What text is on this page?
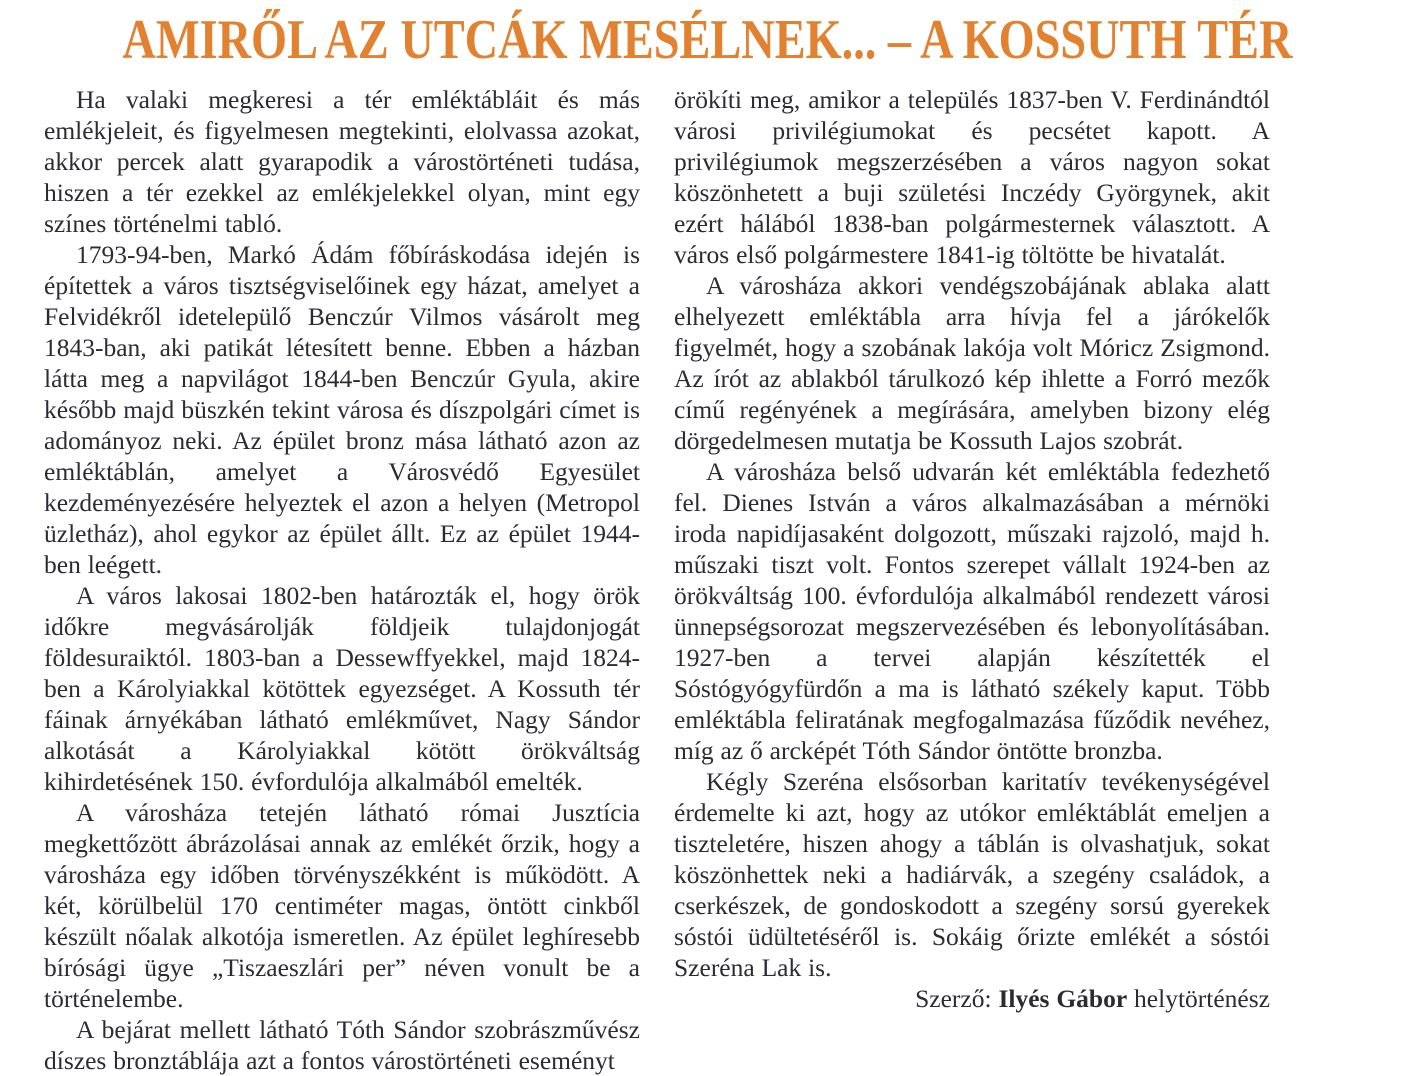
AMIRŐL AZ UTCÁK MESÉLNEK... – A KOSSUTH TÉR

Ha valaki megkeresi a tér emléktábláit és más emlékjeleit, és figyelmesen megtekinti, elolvassa azokat, akkor percek alatt gyarapodik a várostörténeti tudása, hiszen a tér ezekkel az emlékjelekkel olyan, mint egy színes történelmi tabló.

1793-94-ben, Markó Ádám főbíráskodása idején is építettek a város tisztségviselőinek egy házat, amelyet a Felvidékről idetelepülő Benczúr Vilmos vásárolt meg 1843-ban, aki patikát létesített benne. Ebben a házban látta meg a napvilágot 1844-ben Benczúr Gyula, akire később majd büszkén tekint városa és díszpolgári címet is adományoz neki. Az épület bronz mása látható azon az emléktáblán, amelyet a Városvédő Egyesület kezdeményezésére helyeztek el azon a helyen (Metropol üzletház), ahol egykor az épület állt. Ez az épület 1944-ben leégett.

A város lakosai 1802-ben határozták el, hogy örök időkre megvásárolják földjeik tulajdonjogát földesuraiktól. 1803-ban a Dessewffyekkel, majd 1824-ben a Károlyiakkal kötöttek egyezséget. A Kossuth tér fáinak árnyékában látható emlékművet, Nagy Sándor alkotását a Károlyiakkal kötött örökváltság kihirdetésének 150. évfordulója alkalmából emelték.

A városháza tetején látható római Jusztícia megkettőzött ábrázolásai annak az emlékét őrzik, hogy a városháza egy időben törvényszékként is működött. A két, körülbelül 170 centiméter magas, öntött cinkből készült nőalak alkotója ismeretlen. Az épület leghíresebb bírósági ügye „Tiszaeszlári per” néven vonult be a történelembe.

A bejárat mellett látható Tóth Sándor szobrászművész díszes bronztáblája azt a fontos várostörténeti eseményt

örökíti meg, amikor a település 1837-ben V. Ferdinándtól városi privilégiumokat és pecsétet kapott. A privilégiumok megszerzésében a város nagyon sokat köszönhetett a buji születési Inczédy Györgynek, akit ezért hálából 1838-ban polgármesternek választott. A város első polgármestere 1841-ig töltötte be hivatalát.

A városháza akkori vendégszobájának ablaka alatt elhelyezett emléktábla arra hívja fel a járókelők figyelmét, hogy a szobának lakója volt Móricz Zsigmond. Az írót az ablakból tárulkozó kép ihlette a Forró mezők című regényének a megírására, amelyben bizony elég dörgedelmesen mutatja be Kossuth Lajos szobrát.

A városháza belső udvarán két emléktábla fedezhető fel. Dienes István a város alkalmazásában a mérnöki iroda napidíjasaként dolgozott, műszaki rajzoló, majd h. műszaki tiszt volt. Fontos szerepet vállalt 1924-ben az örökváltság 100. évfordulója alkalmából rendezett városi ünnepségsorozat megszervezésében és lebonyolításában. 1927-ben a tervei alapján készítették el Sóstógyógyfürdőn a ma is látható székely kaput. Több emléktábla feliratának megfogalmazása fűződik nevéhez, míg az ő arcképét Tóth Sándor öntötte bronzba.

Kégly Szeréna elsősorban karitatív tevékenységével érdemelte ki azt, hogy az utókor emléktáblát emeljen a tiszteletére, hiszen ahogy a táblán is olvashatjuk, sokat köszönhettek neki a hadiárvák, a szegény családok, a cserkészek, de gondoskodott a szegény sorsú gyerekek sóstói üdültetéséről is. Sokáig őrizte emlékét a sóstói Szeréna Lak is.

Szerző: Ilyés Gábor helytörténész
